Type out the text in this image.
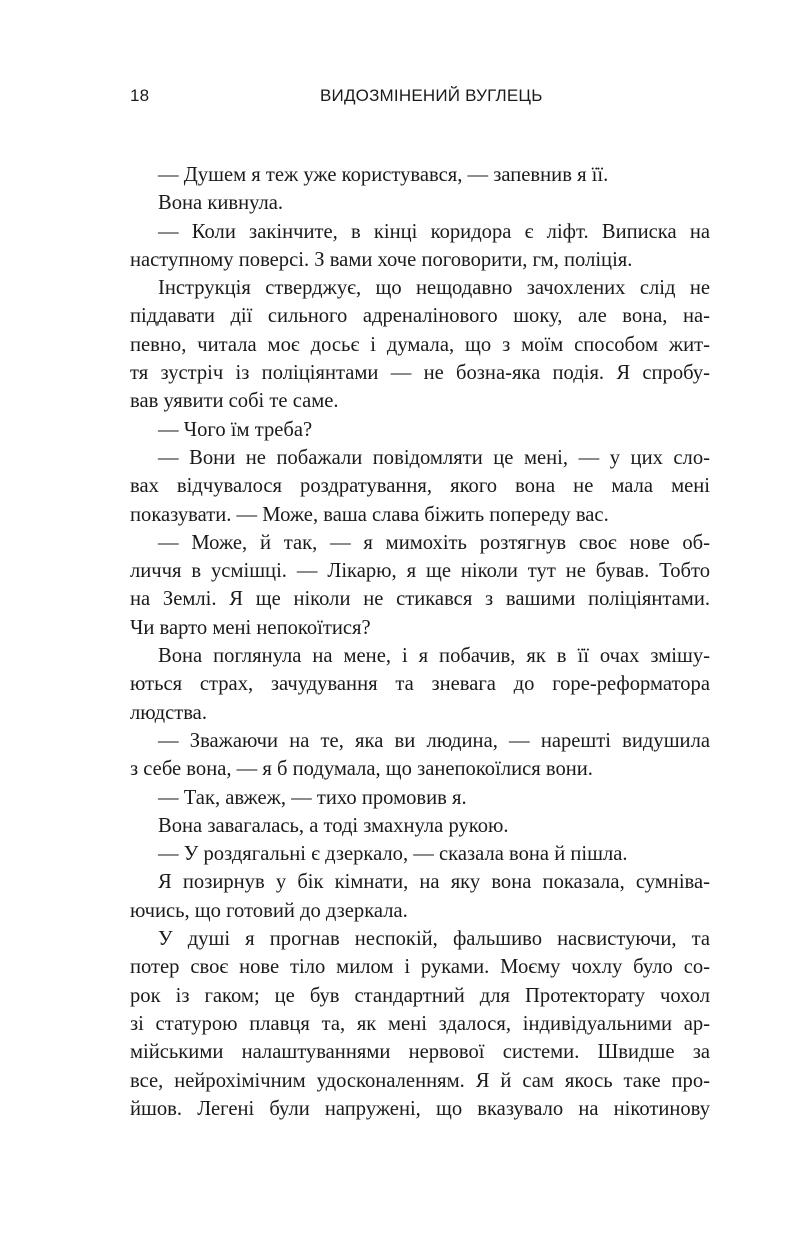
18	ВИДОЗМІНЕНИЙ ВУГЛЕЦЬ
— Душем я теж уже користувався, — запевнив я її.
Вона кивнула.
— Коли закінчите, в кінці коридора є ліфт. Виписка на
наступному поверсі. З вами хоче поговорити, гм, поліція.
Інструкція стверджує, що нещодавно зачохлених слід не
піддавати дії сильного адреналінового шоку, але вона, на-
певно, читала моє досьє і думала, що з моїм способом жит-
тя зустріч із поліціянтами — не бозна-яка подія. Я спробу-
вав уявити собі те саме.
— Чого їм треба?
— Вони не побажали повідомляти це мені, — у цих сло-
вах відчувалося роздратування, якого вона не мала мені
показувати. — Може, ваша слава біжить попереду вас.
— Може, й так, — я мимохіть розтягнув своє нове об-
личчя в усмішці. — Лікарю, я ще ніколи тут не бував. Тобто
на Землі. Я ще ніколи не стикався з вашими поліціянтами.
Чи варто мені непокоїтися?
Вона поглянула на мене, і я побачив, як в її очах змішу-
ються страх, зачудування та зневага до горе-реформатора
людства.
— Зважаючи на те, яка ви людина, — нарешті видушила
з себе вона, — я б подумала, що занепокоїлися вони.
— Так, авжеж, — тихо промовив я.
Вона завагалась, а тоді змахнула рукою.
— У роздягальні є дзеркало, — сказала вона й пішла.
Я позирнув у бік кімнати, на яку вона показала, сумніва-
ючись, що готовий до дзеркала.
У душі я прогнав неспокій, фальшиво насвистуючи, та
потер своє нове тіло милом і руками. Моєму чохлу було со-
рок із гаком; це був стандартний для Протекторату чохол
зі статурою плавця та, як мені здалося, індивідуальними ар-
мійськими налаштуваннями нервової системи. Швидше за
все, нейрохімічним удосконаленням. Я й сам якось таке про-
йшов. Легені були напружені, що вказувало на нікотинову
